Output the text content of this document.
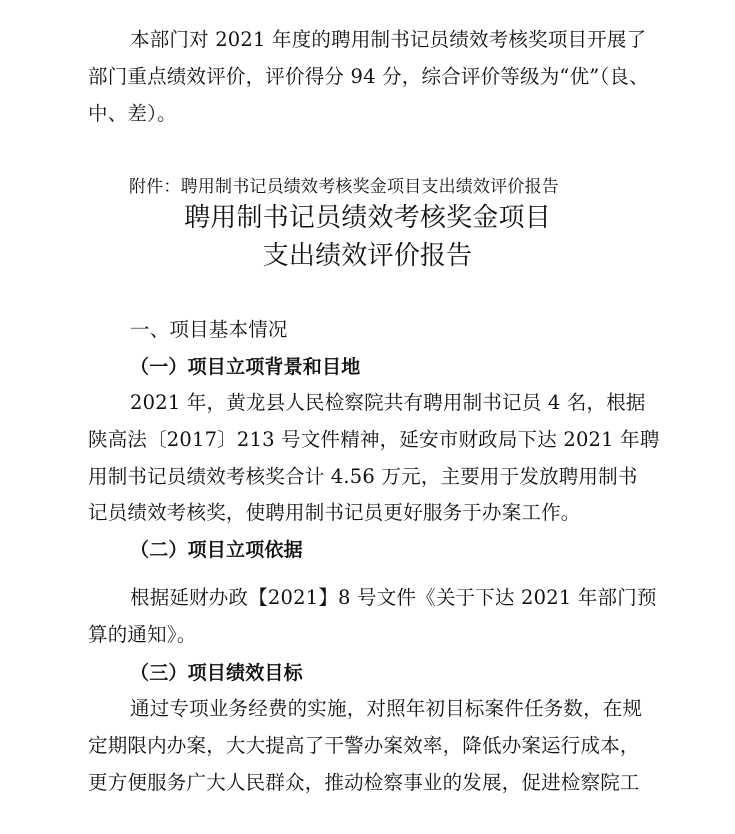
本部门对 2021 年度的聘用制书记员绩效考核奖项目开展了
部门重点绩效评价，评价得分 94 分，综合评价等级为“优”（良、
中、差）。
附件：聘用制书记员绩效考核奖金项目支出绩效评价报告
聘用制书记员绩效考核奖金项目
支出绩效评价报告
一、项目基本情况
（一）项目立项背景和目地
2021 年，黄龙县人民检察院共有聘用制书记员 4 名，根据
陕高法〔2017〕213 号文件精神，延安市财政局下达 2021 年聘
用制书记员绩效考核奖合计 4.56 万元，主要用于发放聘用制书
记员绩效考核奖，使聘用制书记员更好服务于办案工作。
（二）项目立项依据
根据延财办政【2021】8 号文件《关于下达 2021 年部门预
算的通知》。
（三）项目绩效目标
通过专项业务经费的实施，对照年初目标案件任务数，在规
定期限内办案，大大提高了干警办案效率，降低办案运行成本，
更方便服务广大人民群众，推动检察事业的发展，促进检察院工
